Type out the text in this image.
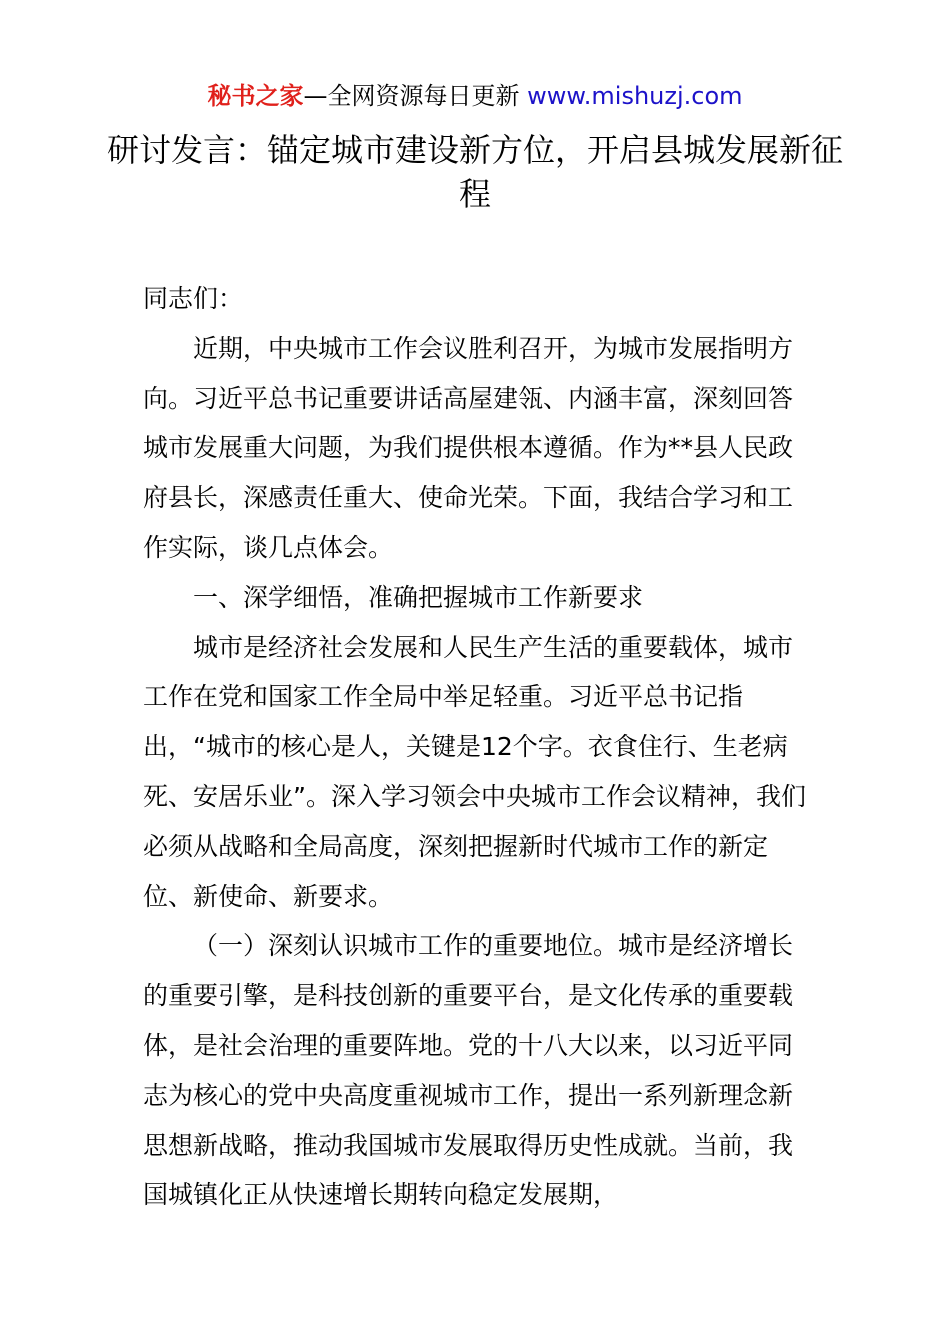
秘书之家—全网资源每日更新 www.mishuzj.com
研讨发言：锚定城市建设新方位，开启县城发展新征程

同志们：

近期，中央城市工作会议胜利召开，为城市发展指明方向。习近平总书记重要讲话高屋建瓴、内涵丰富，深刻回答城市发展重大问题，为我们提供根本遵循。作为**县人民政府县长，深感责任重大、使命光荣。下面，我结合学习和工作实际，谈几点体会。

一、深学细悟，准确把握城市工作新要求

城市是经济社会发展和人民生产生活的重要载体，城市工作在党和国家工作全局中举足轻重。习近平总书记指出，“城市的核心是人，关键是12个字。衣食住行、生老病死、安居乐业”。深入学习领会中央城市工作会议精神，我们必须从战略和全局高度，深刻把握新时代城市工作的新定位、新使命、新要求。

（一）深刻认识城市工作的重要地位。城市是经济增长的重要引擎，是科技创新的重要平台，是文化传承的重要载体，是社会治理的重要阵地。党的十八大以来，以习近平同志为核心的党中央高度重视城市工作，提出一系列新理念新思想新战略，推动我国城市发展取得历史性成就。当前，我国城镇化正从快速增长期转向稳定发展期，
